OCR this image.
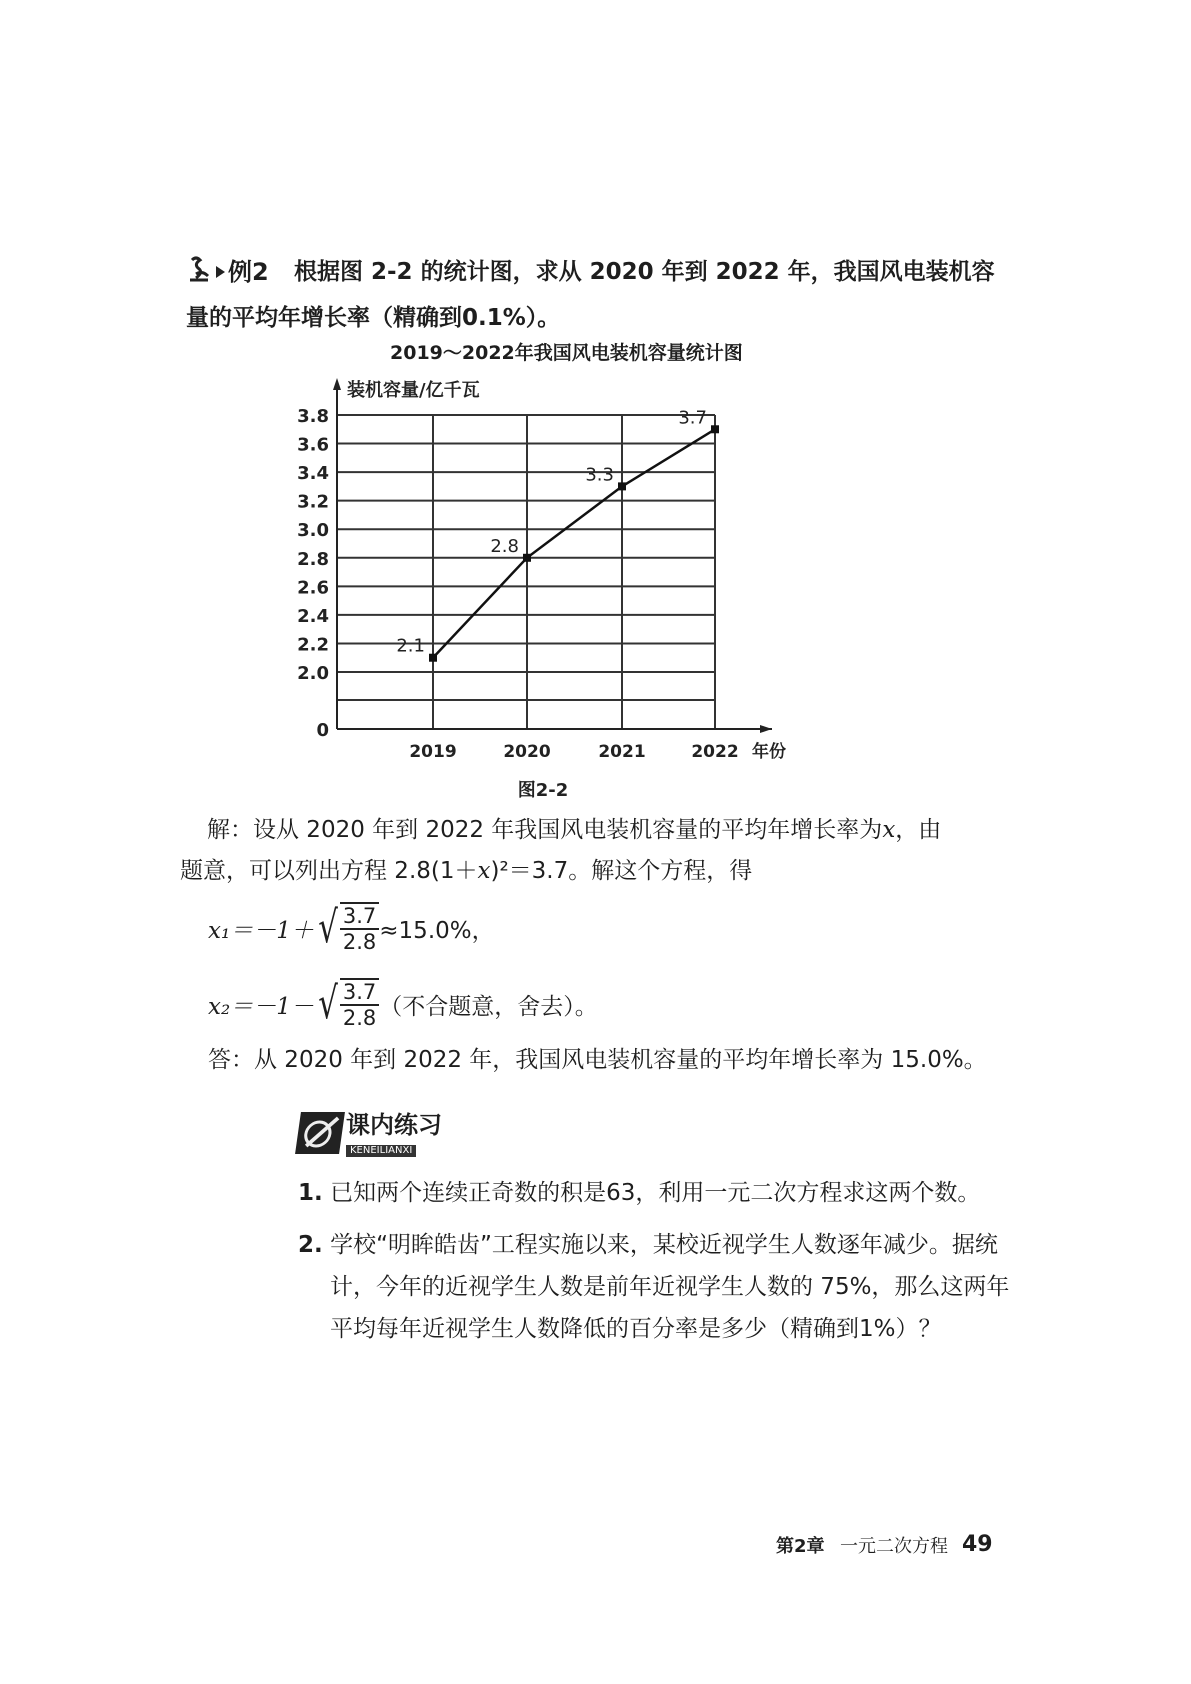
例2 根据图 2-2 的统计图，求从 2020 年到 2022 年，我国风电装机容
量的平均年增长率（精确到0.1%）。
2019～2022年我国风电装机容量统计图
0
2.0
2.2
2.4
2.6
2.8
3.0
3.2
3.4
3.6
3.8
2019	2020	2021	2022 年份
装机容量/亿千瓦
2.1
2.8
3.3
3.7
图2-2
解：设从 2020 年到 2022 年我国风电装机容量的平均年增长率为x，由
题意，可以列出方程 2.8(1＋x)²＝3.7。解这个方程，得
x₁＝－1＋ √ $\frac{3.7}{2.8} \approx 15.0\%$，
x₂＝－1－ √ $\frac{3.7}{2.8}$ （不合题意，舍去）。
答：从 2020 年到 2022 年，我国风电装机容量的平均年增长率为 15.0%。
课内练习
KENEILIANXI
1. 已知两个连续正奇数的积是63，利用一元二次方程求这两个数。
2. 学校“明眸皓齿”工程实施以来，某校近视学生人数逐年减少。据统
计，今年的近视学生人数是前年近视学生人数的 75%，那么这两年
平均每年近视学生人数降低的百分率是多少（精确到1%）？
第2章 一元二次方程 49
